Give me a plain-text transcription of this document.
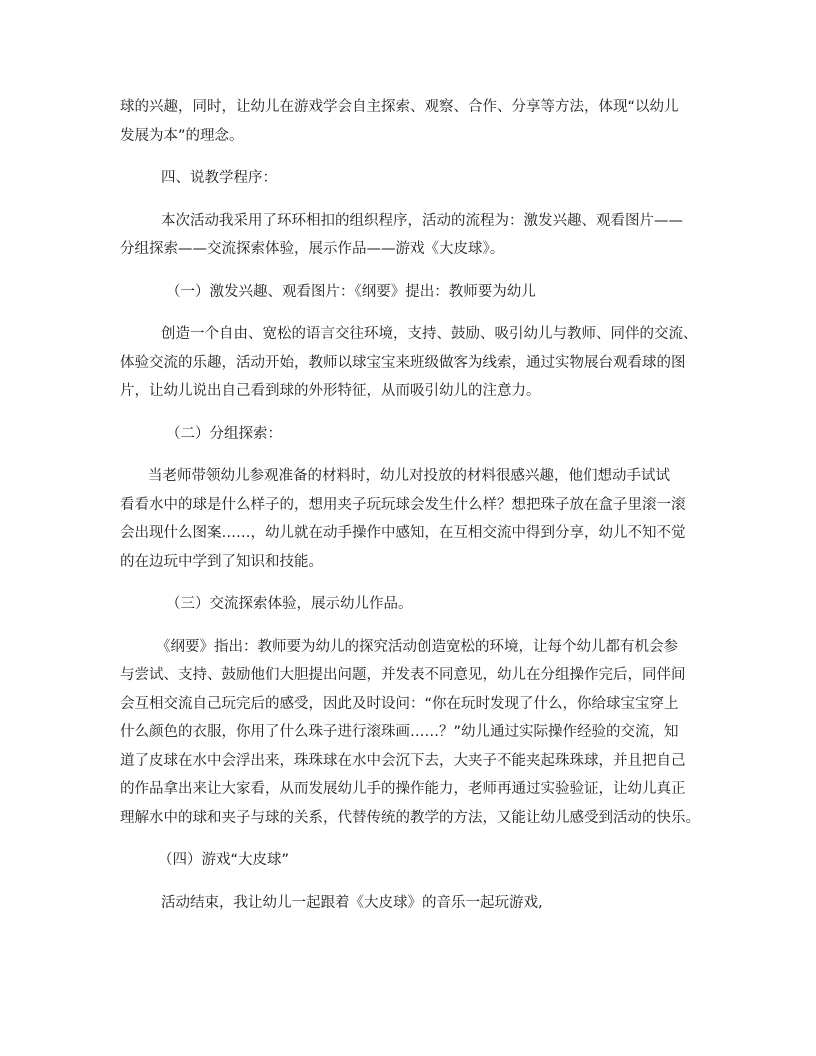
球的兴趣，同时，让幼儿在游戏学会自主探索、观察、合作、分享等方法，体现“以幼儿
发展为本”的理念。
四、说教学程序：
本次活动我采用了环环相扣的组织程序，活动的流程为：激发兴趣、观看图片——
分组探索——交流探索体验，展示作品——游戏《大皮球》。
（一）激发兴趣、观看图片：《纲要》提出：教师要为幼儿
创造一个自由、宽松的语言交往环境，支持、鼓励、吸引幼儿与教师、同伴的交流、
体验交流的乐趣，活动开始，教师以球宝宝来班级做客为线索，通过实物展台观看球的图
片，让幼儿说出自己看到球的外形特征，从而吸引幼儿的注意力。
（二）分组探索：
当老师带领幼儿参观准备的材料时，幼儿对投放的材料很感兴趣，他们想动手试试
看看水中的球是什么样子的，想用夹子玩玩球会发生什么样？想把珠子放在盒子里滚一滚
会出现什么图案……，幼儿就在动手操作中感知，在互相交流中得到分享，幼儿不知不觉
的在边玩中学到了知识和技能。
（三）交流探索体验，展示幼儿作品。
《纲要》指出：教师要为幼儿的探究活动创造宽松的环境，让每个幼儿都有机会参
与尝试、支持、鼓励他们大胆提出问题，并发表不同意见，幼儿在分组操作完后，同伴间
会互相交流自己玩完后的感受，因此及时设问：“你在玩时发现了什么，你给球宝宝穿上
什么颜色的衣服，你用了什么珠子进行滚珠画……？”幼儿通过实际操作经验的交流，知
道了皮球在水中会浮出来，珠珠球在水中会沉下去，大夹子不能夹起珠珠球，并且把自己
的作品拿出来让大家看，从而发展幼儿手的操作能力，老师再通过实验验证，让幼儿真正
理解水中的球和夹子与球的关系，代替传统的教学的方法，又能让幼儿感受到活动的快乐。
（四）游戏“大皮球”
活动结束，我让幼儿一起跟着《大皮球》的音乐一起玩游戏,
